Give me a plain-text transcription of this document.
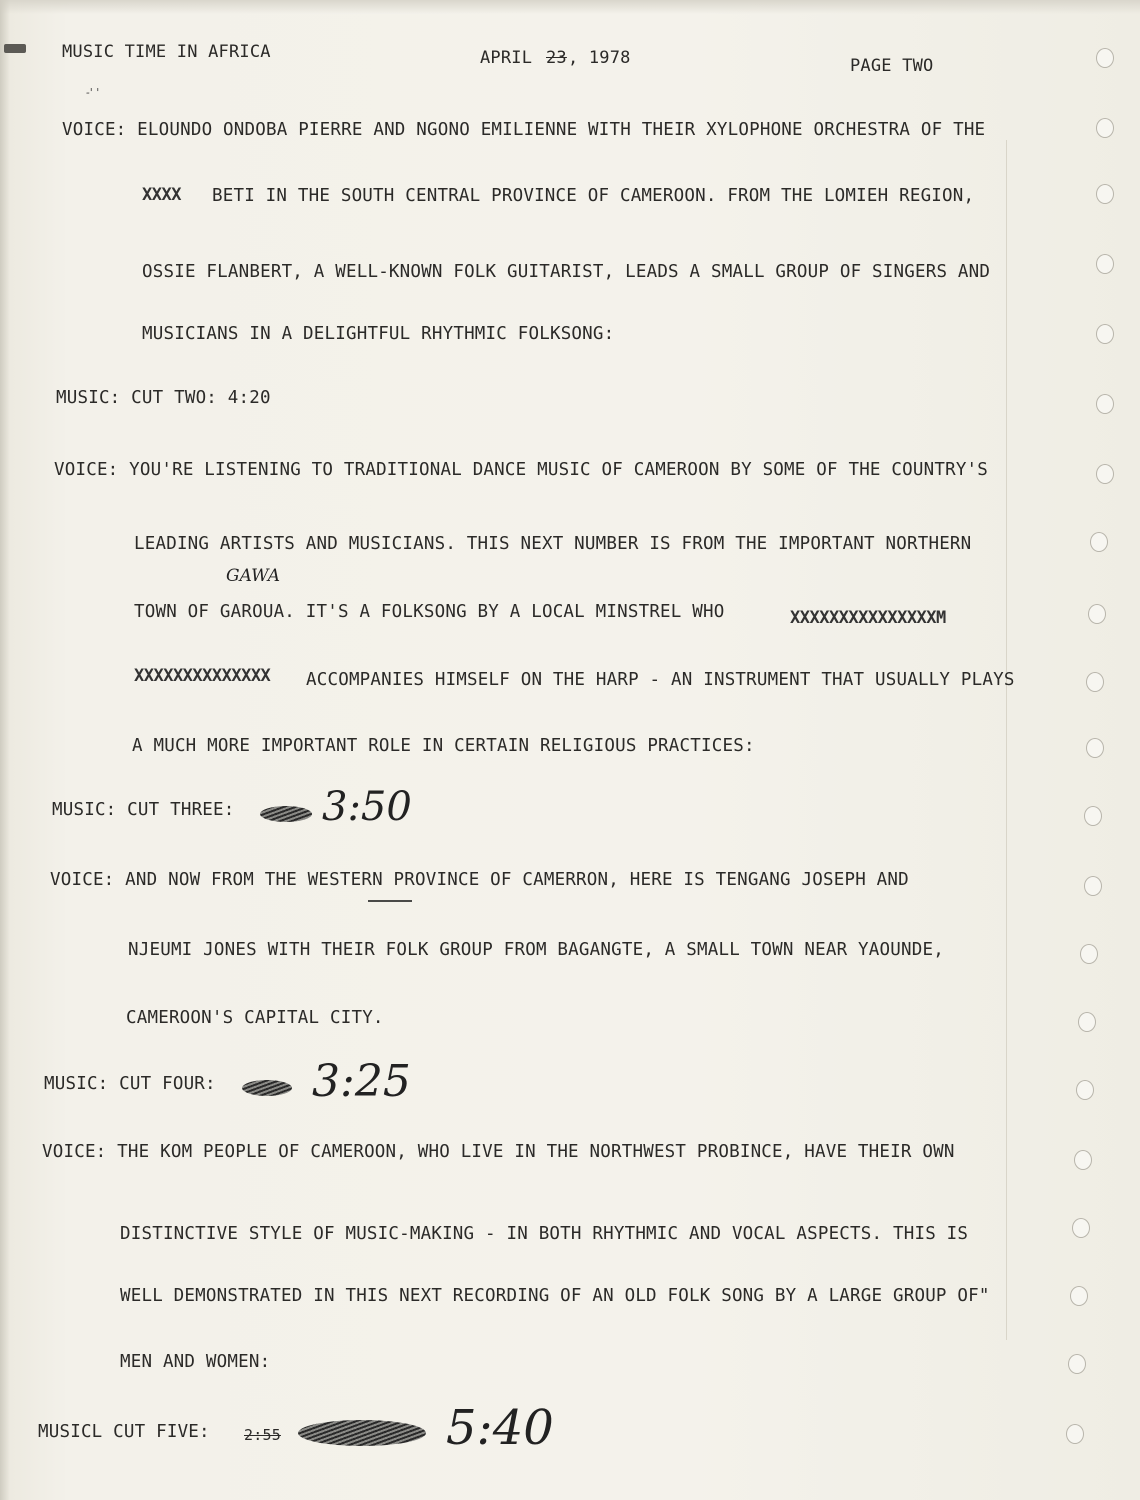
MUSIC TIME IN AFRICA	APRIL 23 , 1978	PAGE TWO
-' '
VOICE: ELOUNDO ONDOBA PIERRE AND NGONO EMILIENNE WITH THEIR XYLOPHONE ORCHESTRA OF THE
XXXX BETI IN THE SOUTH CENTRAL PROVINCE OF CAMEROON. FROM THE LOMIEH REGION,
OSSIE FLANBERT, A WELL-KNOWN FOLK GUITARIST, LEADS A SMALL GROUP OF SINGERS AND
MUSICIANS IN A DELIGHTFUL RHYTHMIC FOLKSONG:
MUSIC: CUT TWO: 4:20
VOICE: YOU'RE LISTENING TO TRADITIONAL DANCE MUSIC OF CAMEROON BY SOME OF THE COUNTRY'S
LEADING ARTISTS AND MUSICIANS. THIS NEXT NUMBER IS FROM THE IMPORTANT NORTHERN
GAWA
TOWN OF GAROUA. IT'S A FOLKSONG BY A LOCAL MINSTREL WHO	XXXXXXXXXXXXXXXM
XXXXXXXXXXXXXX ACCOMPANIES HIMSELF ON THE HARP - AN INSTRUMENT THAT USUALLY PLAYS
A MUCH MORE IMPORTANT ROLE IN CERTAIN RELIGIOUS PRACTICES:
MUSIC: CUT THREE: 3:50
VOICE: AND NOW FROM THE WESTERN PROVINCE OF CAMERRON, HERE IS TENGANG JOSEPH AND
NJEUMI JONES WITH THEIR FOLK GROUP FROM BAGANGTE, A SMALL TOWN NEAR YAOUNDE,
CAMEROON'S CAPITAL CITY.
MUSIC: CUT FOUR: 3:25
VOICE: THE KOM PEOPLE OF CAMEROON, WHO LIVE IN THE NORTHWEST PROBINCE, HAVE THEIR OWN
DISTINCTIVE STYLE OF MUSIC-MAKING - IN BOTH RHYTHMIC AND VOCAL ASPECTS. THIS IS
WELL DEMONSTRATED IN THIS NEXT RECORDING OF AN OLD FOLK SONG BY A LARGE GROUP OF"
MEN AND WOMEN:
MUSICL CUT FIVE: 2:55	5:40
